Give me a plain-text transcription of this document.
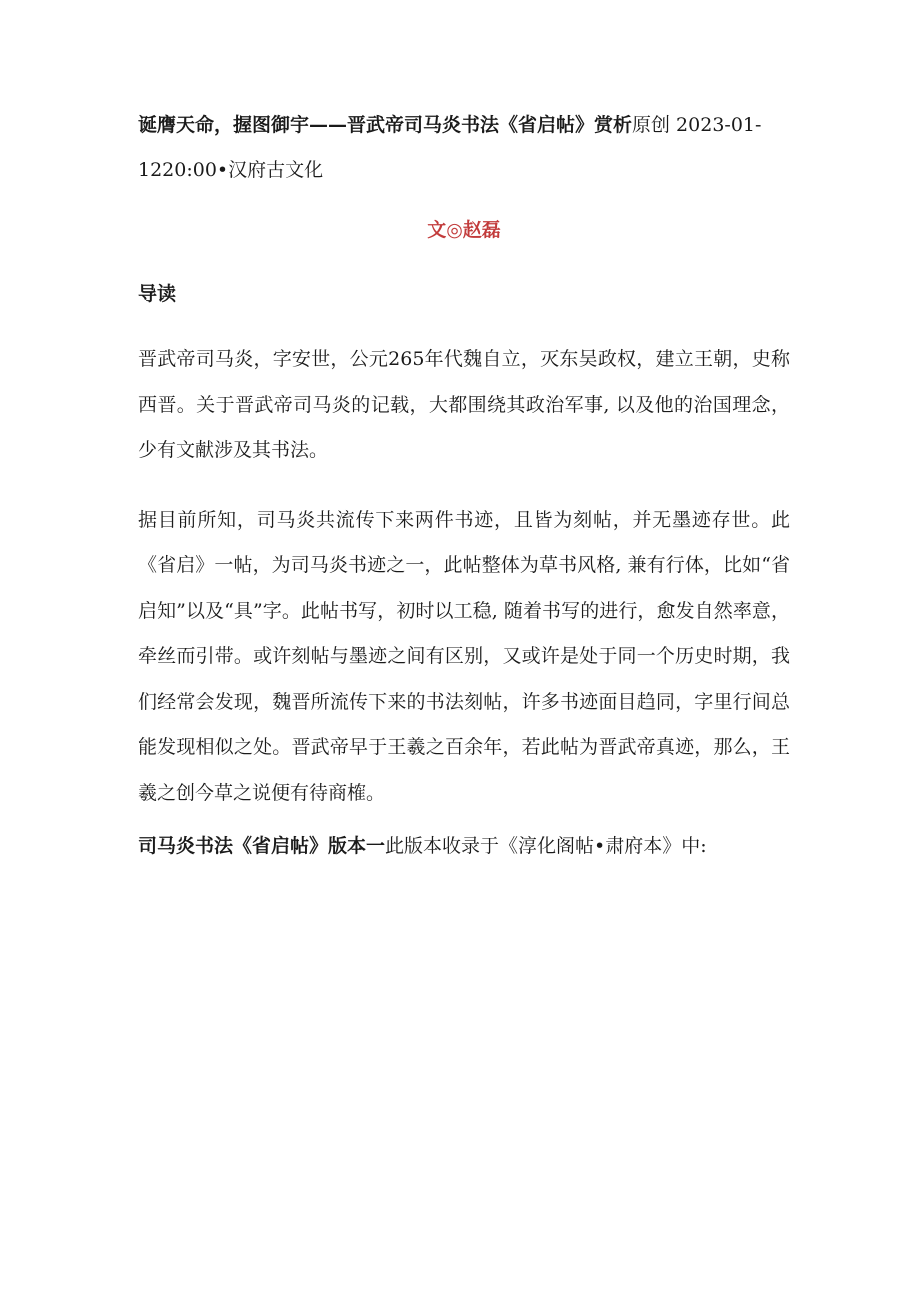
诞膺天命，握图御宇——晋武帝司马炎书法《省启帖》赏析原创 2023-01-1220:00•汉府古文化

文◎赵磊

导读

晋武帝司马炎，字安世，公元265年代魏自立，灭东吴政权，建立王朝，史称西晋。关于晋武帝司马炎的记载，大都围绕其政治军事, 以及他的治国理念，少有文献涉及其书法。

据目前所知，司马炎共流传下来两件书迹，且皆为刻帖，并无墨迹存世。此《省启》一帖，为司马炎书迹之一，此帖整体为草书风格, 兼有行体，比如“省启知”以及“具”字。此帖书写，初时以工稳, 随着书写的进行，愈发自然率意，牵丝而引带。或许刻帖与墨迹之间有区别，又或许是处于同一个历史时期，我们经常会发现，魏晋所流传下来的书法刻帖，许多书迹面目趋同，字里行间总能发现相似之处。晋武帝早于王羲之百余年，若此帖为晋武帝真迹，那么，王羲之创今草之说便有待商榷。

司马炎书法《省启帖》版本一此版本收录于《淳化阁帖•肃府本》中:
